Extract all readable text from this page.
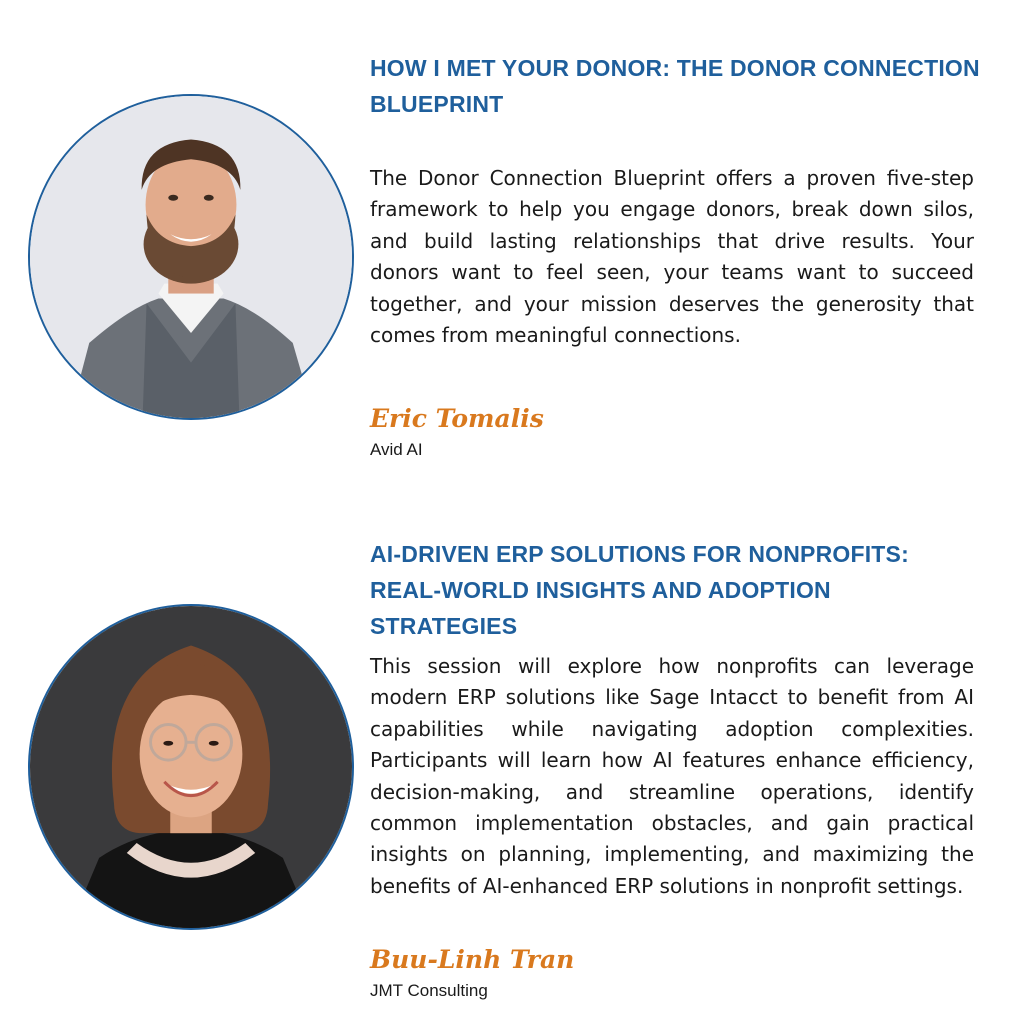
HOW I MET YOUR DONOR: THE DONOR CONNECTION BLUEPRINT

The Donor Connection Blueprint offers a proven five-step framework to help you engage donors, break down silos, and build lasting relationships that drive results. Your donors want to feel seen, your teams want to succeed together, and your mission deserves the generosity that comes from meaningful connections.

Eric Tomalis

Avid AI

AI-DRIVEN ERP SOLUTIONS FOR NONPROFITS: REAL-WORLD INSIGHTS AND ADOPTION STRATEGIES

This session will explore how nonprofits can leverage modern ERP solutions like Sage Intacct to benefit from AI capabilities while navigating adoption complexities. Participants will learn how AI features enhance efficiency, decision-making, and streamline operations, identify common implementation obstacles, and gain practical insights on planning, implementing, and maximizing the benefits of AI-enhanced ERP solutions in nonprofit settings.

Buu-Linh Tran

JMT Consulting
